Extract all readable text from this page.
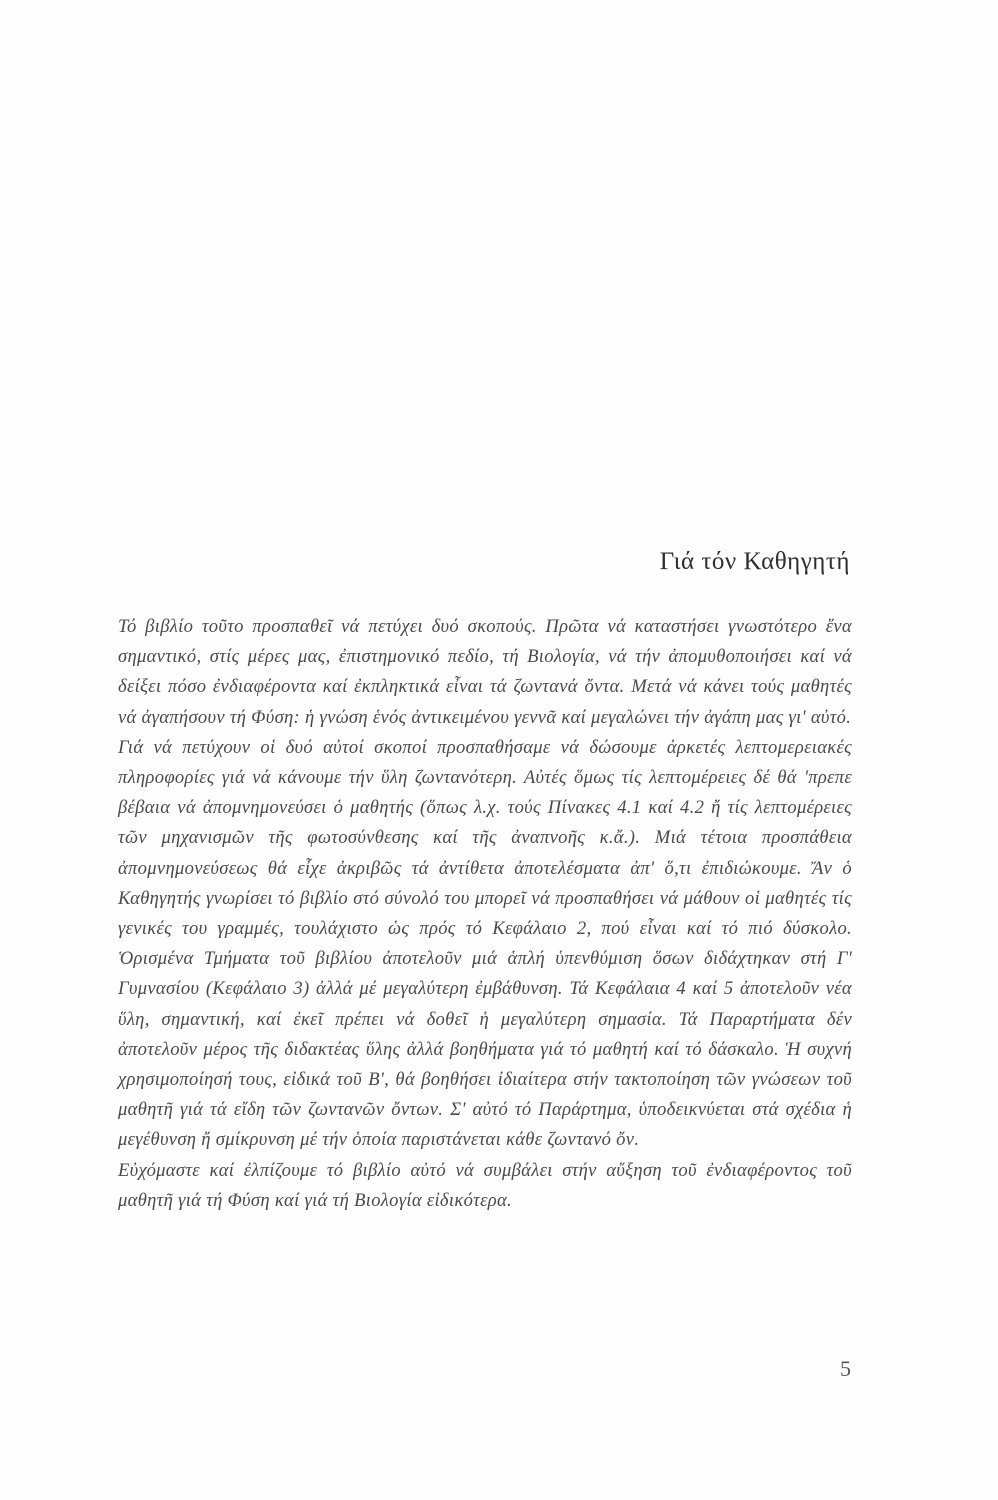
Γιά τόν Καθηγητή

Τό βιβλίο τοῦτο προσπαθεῖ νά πετύχει δυό σκοπούς. Πρῶτα νά καταστήσει γνωστότερο ἕνα σημαντικό, στίς μέρες μας, ἐπιστημονικό πεδίο, τή Βιολογία, νά τήν ἀπομυθοποιήσει καί νά δείξει πόσο ἐνδιαφέροντα καί ἐκπληκτικά εἶναι τά ζωντανά ὄντα. Μετά νά κάνει τούς μαθητές νά ἀγαπήσουν τή Φύση: ἡ γνώση ἑνός ἀντικειμένου γεννᾶ καί μεγαλώνει τήν ἀγάπη μας γι' αὐτό.

Γιά νά πετύχουν οἱ δυό αὐτοί σκοποί προσπαθήσαμε νά δώσουμε ἀρκετές λεπτομερειακές πληροφορίες γιά νά κάνουμε τήν ὕλη ζωντανότερη. Αὐτές ὅμως τίς λεπτομέρειες δέ θά 'πρεπε βέβαια νά ἀπομνημονεύσει ὁ μαθητής (ὅπως λ.χ. τούς Πίνακες 4.1 καί 4.2 ἤ τίς λεπτομέρειες τῶν μηχανισμῶν τῆς φωτοσύνθεσης καί τῆς ἀναπνοῆς κ.ἄ.). Μιά τέτοια προσπάθεια ἀπομνημονεύσεως θά εἶχε ἀκριβῶς τά ἀντίθετα ἀποτελέσματα ἀπ' ὅ,τι ἐπιδιώκουμε. Ἄν ὁ Καθηγητής γνωρίσει τό βιβλίο στό σύνολό του μπορεῖ νά προσπαθήσει νά μάθουν οἱ μαθητές τίς γενικές του γραμμές, τουλάχιστο ὡς πρός τό Κεφάλαιο 2, πού εἶναι καί τό πιό δύσκολο. Ὁρισμένα Τμήματα τοῦ βιβλίου ἀποτελοῦν μιά ἁπλή ὑπενθύμιση ὅσων διδάχτηκαν στή Γ' Γυμνασίου (Κεφάλαιο 3) ἀλλά μέ μεγαλύτερη ἐμβάθυνση. Τά Κεφάλαια 4 καί 5 ἀποτελοῦν νέα ὕλη, σημαντική, καί ἐκεῖ πρέπει νά δοθεῖ ἡ μεγαλύτερη σημασία. Τά Παραρτήματα δέν ἀποτελοῦν μέρος τῆς διδακτέας ὕλης ἀλλά βοηθήματα γιά τό μαθητή καί τό δάσκαλο. Ἡ συχνή χρησιμοποίησή τους, εἰδικά τοῦ Β', θά βοηθήσει ἰδιαίτερα στήν τακτοποίηση τῶν γνώσεων τοῦ μαθητῆ γιά τά εἴδη τῶν ζωντανῶν ὄντων. Σ' αὐτό τό Παράρτημα, ὑποδεικνύεται στά σχέδια ἡ μεγέθυνση ἤ σμίκρυνση μέ τήν ὁποία παριστάνεται κάθε ζωντανό ὄν.

Εὐχόμαστε καί ἐλπίζουμε τό βιβλίο αὐτό νά συμβάλει στήν αὔξηση τοῦ ἐνδιαφέροντος τοῦ μαθητῆ γιά τή Φύση καί γιά τή Βιολογία εἰδικότερα.

5
